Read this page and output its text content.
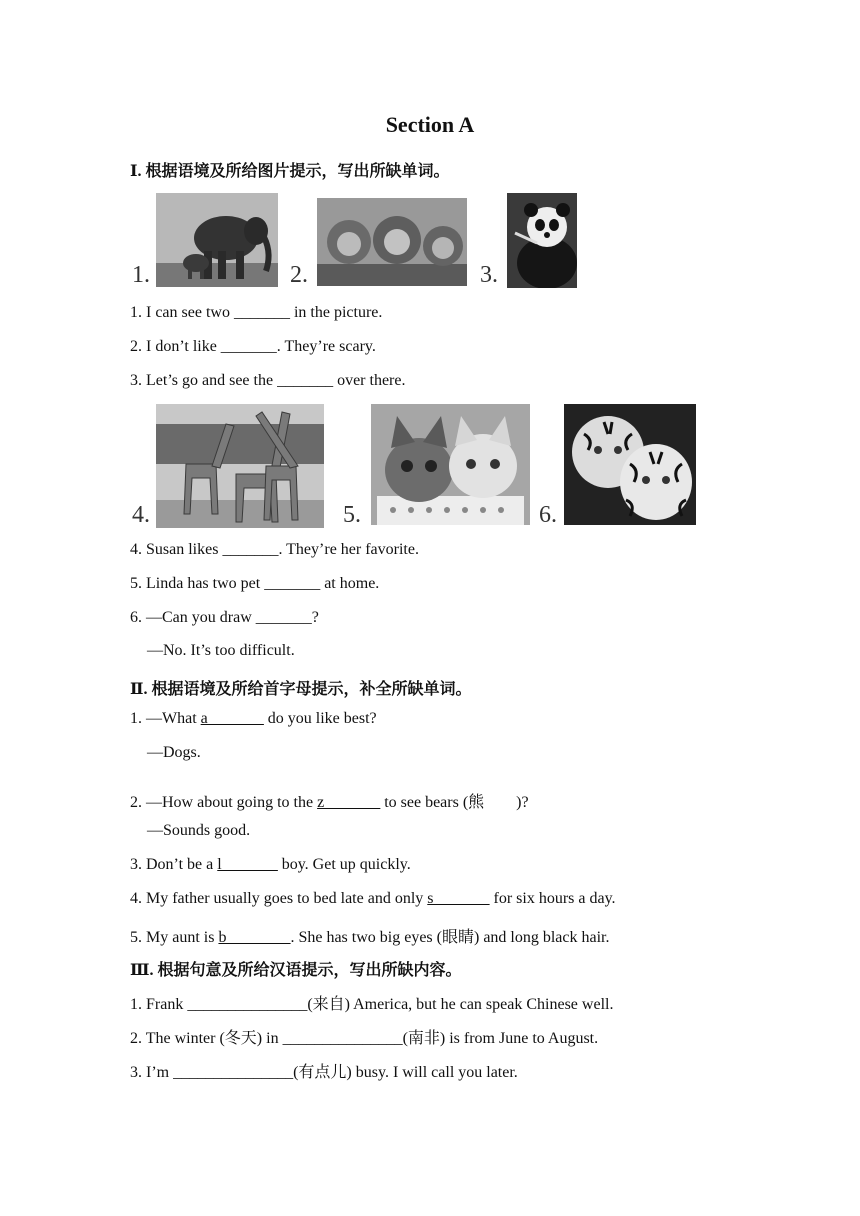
Section A
Ⅰ. 根据语境及所给图片提示，写出所缺单词。
1.	2.	3.
1. I can see two _______ in the picture.
2. I don’t like _______. They’re scary.
3. Let’s go and see the _______ over there.
4.	5.	6.
4. Susan likes _______. They’re her favorite.
5. Linda has two pet _______ at home.
6. —Can you draw _______?
—No. It’s too difficult.
Ⅱ. 根据语境及所给首字母提示，补全所缺单词。
1. —What a_______ do you like best?
—Dogs.
2. —How about going to the z_______ to see bears (熊　　)?
—Sounds good.
3. Don’t be a l_______ boy. Get up quickly.
4. My father usually goes to bed late and only s_______ for six hours a day.
5. My aunt is b________. She has two big eyes (眼睛) and long black hair.
Ⅲ. 根据句意及所给汉语提示，写出所缺内容。
1. Frank _______________(来自) America, but he can speak Chinese well.
2. The winter (冬天) in _______________(南非) is from June to August.
3. I’m _______________(有点儿) busy. I will call you later.
